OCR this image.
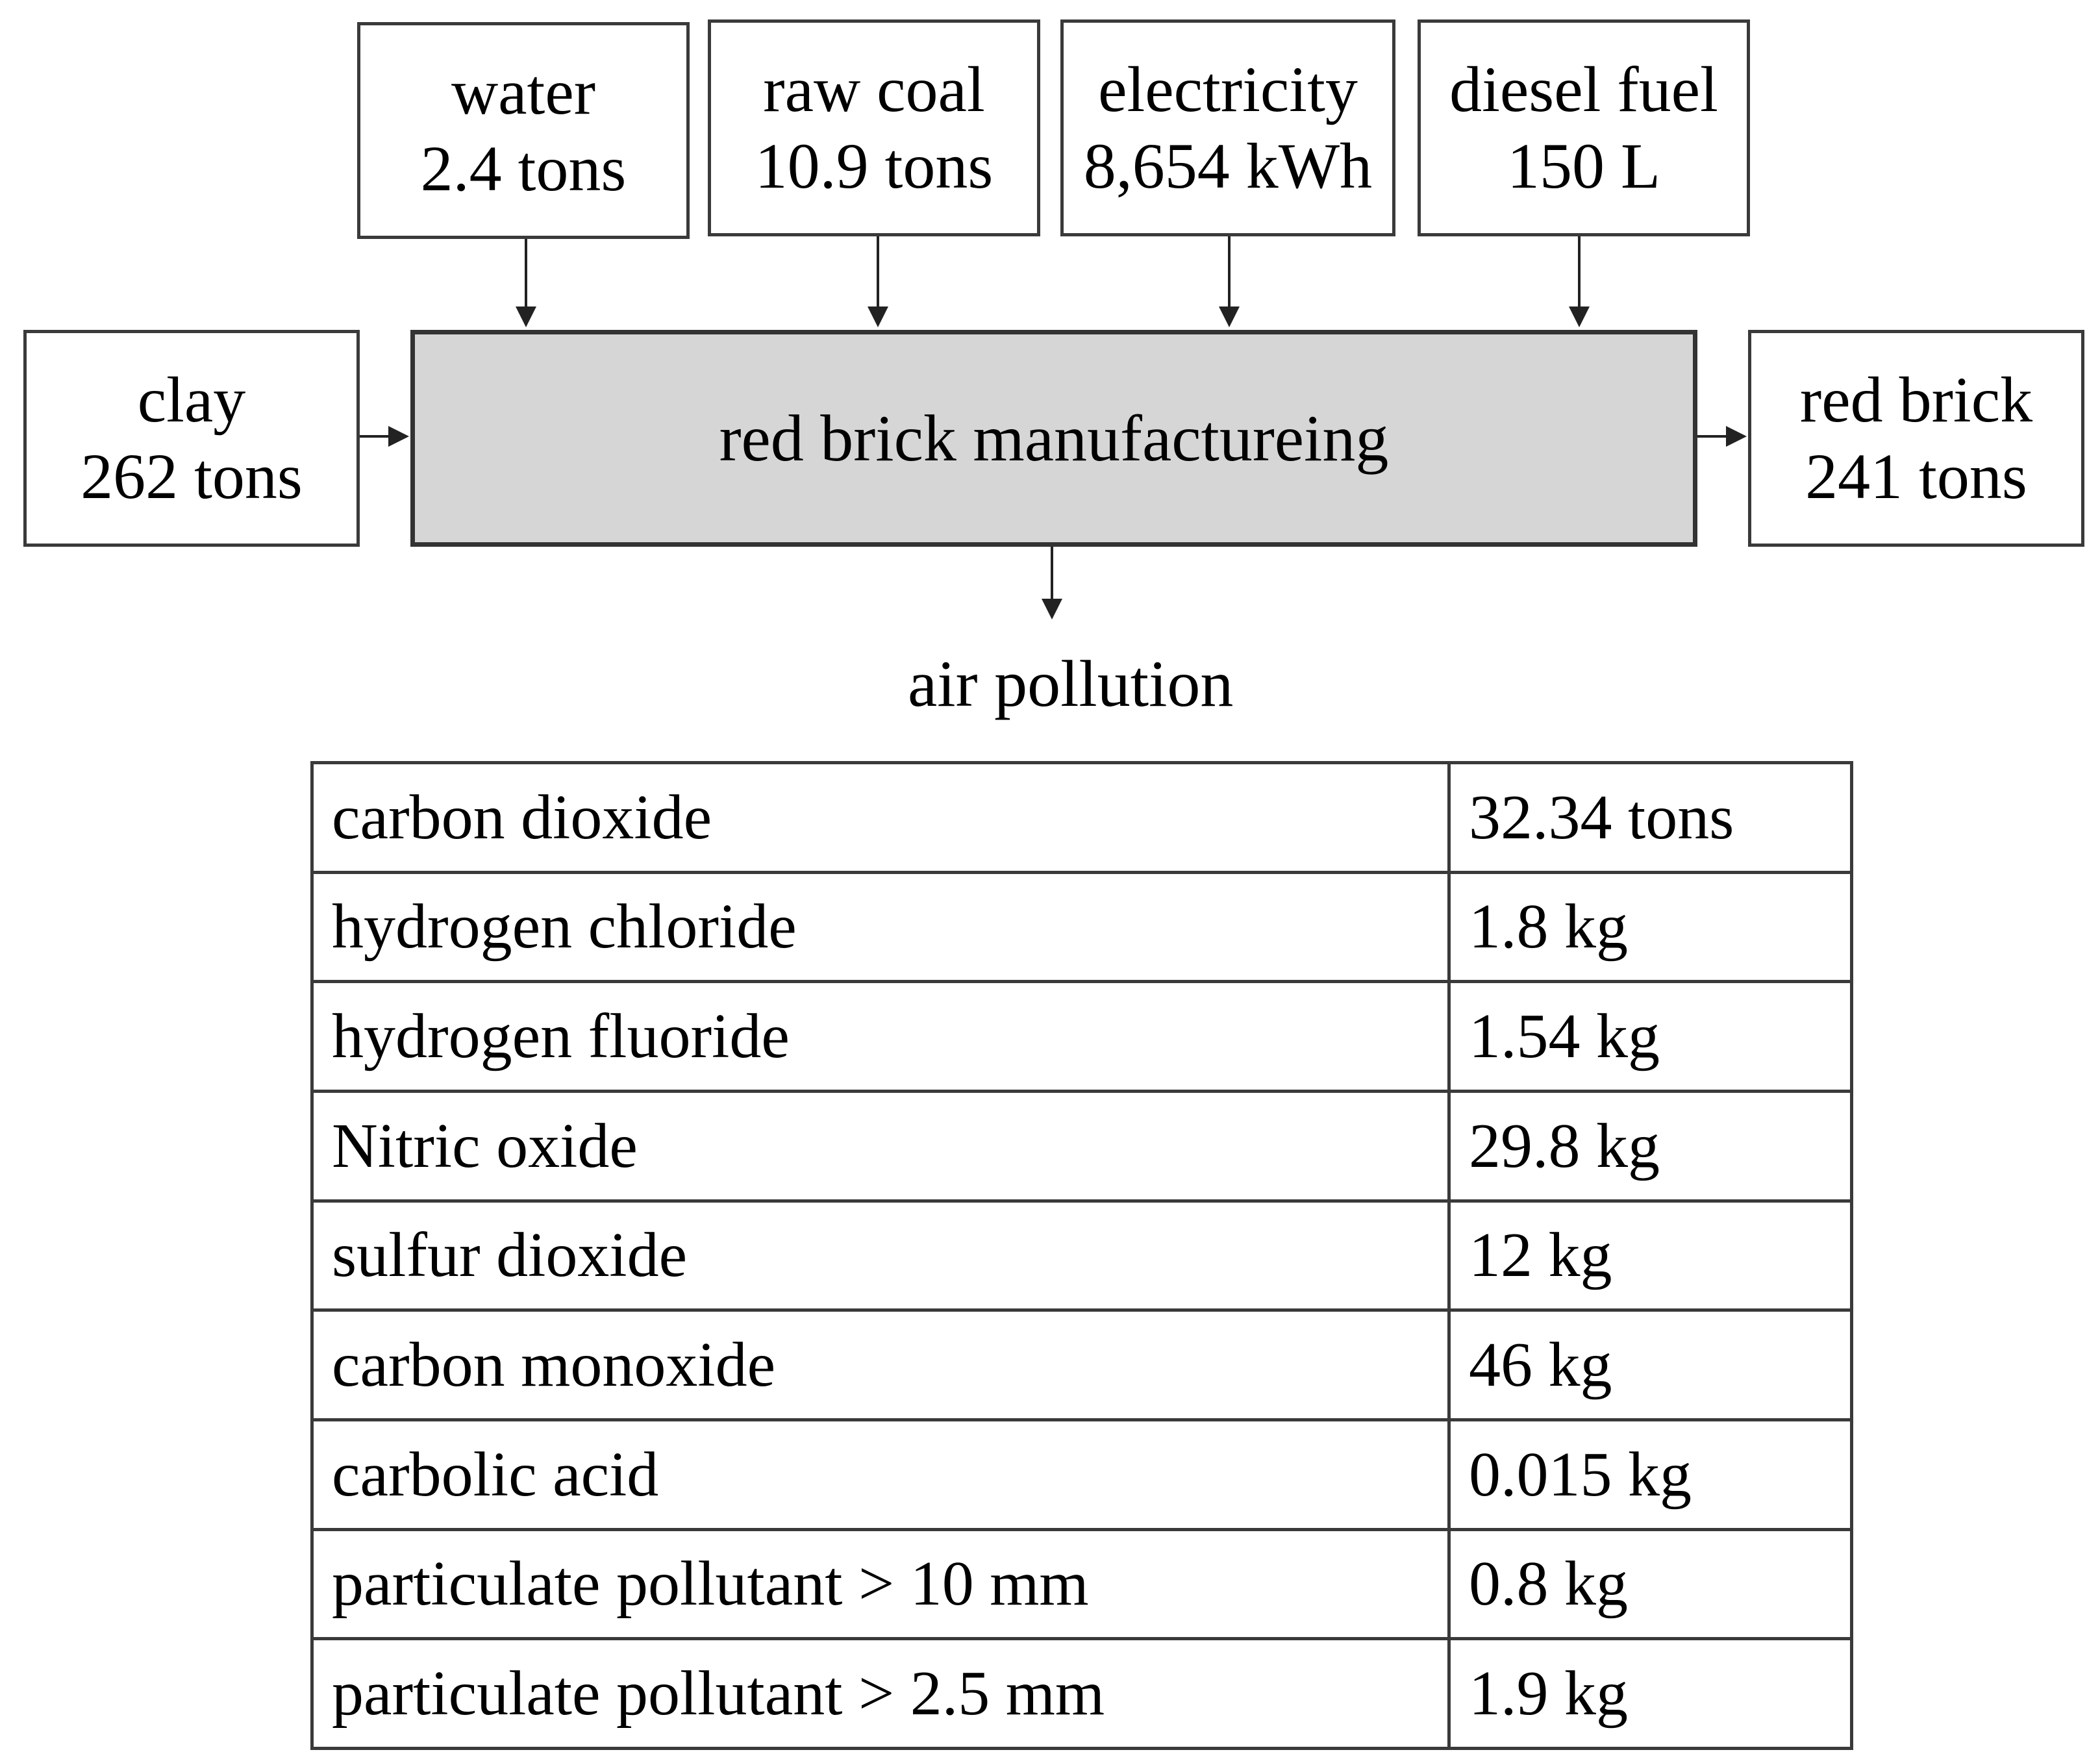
water
2.4 tons
raw coal
10.9 tons
electricity
8,654 kWh
diesel fuel
150 L
clay
262 tons
red brick manufactureing
red brick
241 tons
air pollution
carbon dioxide	32.34 tons
hydrogen chloride	1.8 kg
hydrogen fluoride	1.54 kg
Nitric oxide	29.8 kg
sulfur dioxide	12 kg
carbon monoxide	46 kg
carbolic acid	0.015 kg
particulate pollutant > 10 mm	0.8 kg
particulate pollutant > 2.5 mm	1.9 kg
